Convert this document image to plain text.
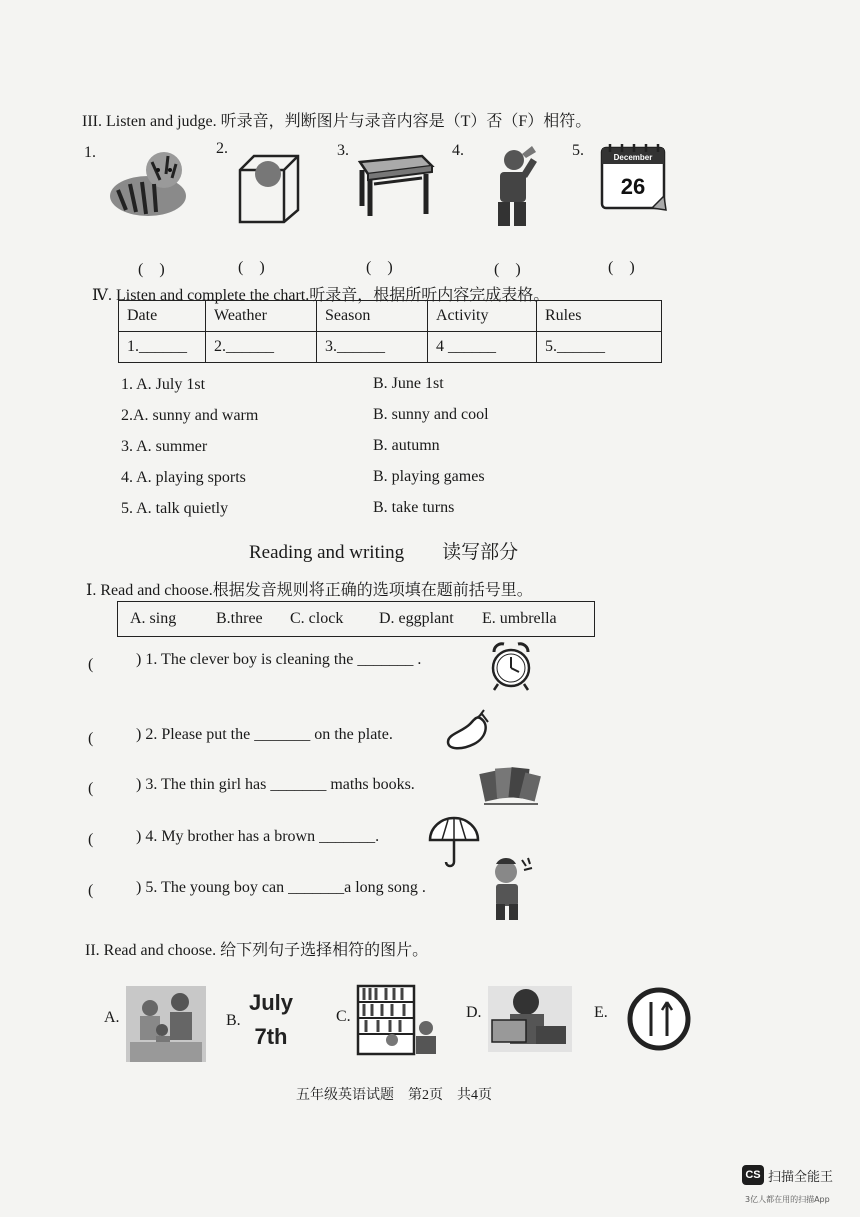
III. Listen and judge. 听录音，判断图片与录音内容是（T）否（F）相符。
1.	2.	3.	4.	5.	December
26
(　)	(　)	(　)	(　)	(　)
Ⅳ. Listen and complete the chart.听录音，根据所听内容完成表格。
Date	Weather	Season	Activity	Rules
1.______	2.______	3.______	4 ______	5.______
1. A. July 1st	B. June 1st
2.A. sunny and warm	B. sunny and cool
3. A. summer	B. autumn
4. A. playing sports	B. playing games
5. A. talk quietly	B. take turns
Reading and writing　　读写部分
Ⅰ. Read and choose.根据发音规则将正确的选项填在题前括号里。
A. sing B.three C. clock D. eggplant E. umbrella
(	) 1. The clever boy is cleaning the _______ .
(	) 2. Please put the _______ on the plate.
(	) 3. The thin girl has _______ maths books.
(	) 4. My brother has a brown _______.
(	) 5. The young boy can _______a long song .
II. Read and choose. 给下列句子选择相符的图片。
A.	B.	C.	D.	E.
July
7th
五年级英语试题　第2页　共4页
CS 扫描全能王
3亿人都在用的扫描App
